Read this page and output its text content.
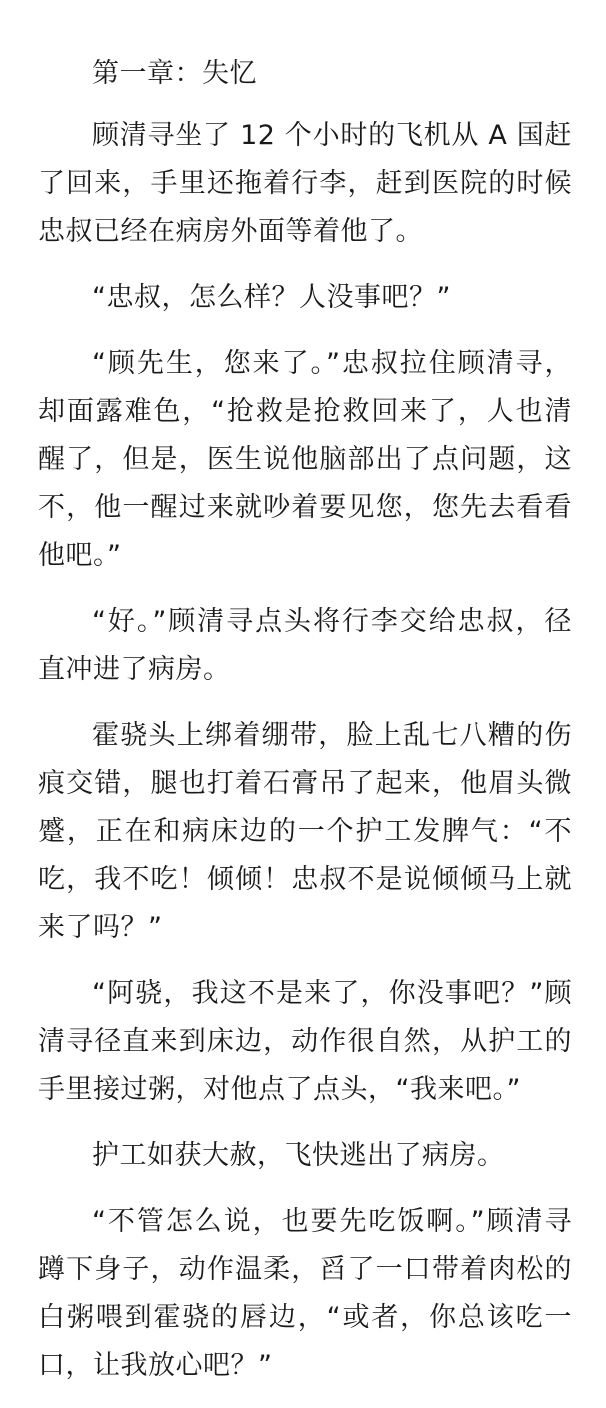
第一章：失忆

顾清寻坐了 12 个小时的飞机从 A 国赶了回来，手里还拖着行李，赶到医院的时候忠叔已经在病房外面等着他了。

“忠叔，怎么样？人没事吧？”

“顾先生，您来了。”忠叔拉住顾清寻，却面露难色，“抢救是抢救回来了，人也清醒了，但是，医生说他脑部出了点问题，这不，他一醒过来就吵着要见您，您先去看看他吧。”

“好。”顾清寻点头将行李交给忠叔，径直冲进了病房。

霍骁头上绑着绷带，脸上乱七八糟的伤痕交错，腿也打着石膏吊了起来，他眉头微蹙，正在和病床边的一个护工发脾气：“不吃，我不吃！倾倾！忠叔不是说倾倾马上就来了吗？”

“阿骁，我这不是来了，你没事吧？”顾清寻径直来到床边，动作很自然，从护工的手里接过粥，对他点了点头，“我来吧。”

护工如获大赦，飞快逃出了病房。

“不管怎么说，也要先吃饭啊。”顾清寻蹲下身子，动作温柔，舀了一口带着肉松的白粥喂到霍骁的唇边，“或者，你总该吃一口，让我放心吧？”
